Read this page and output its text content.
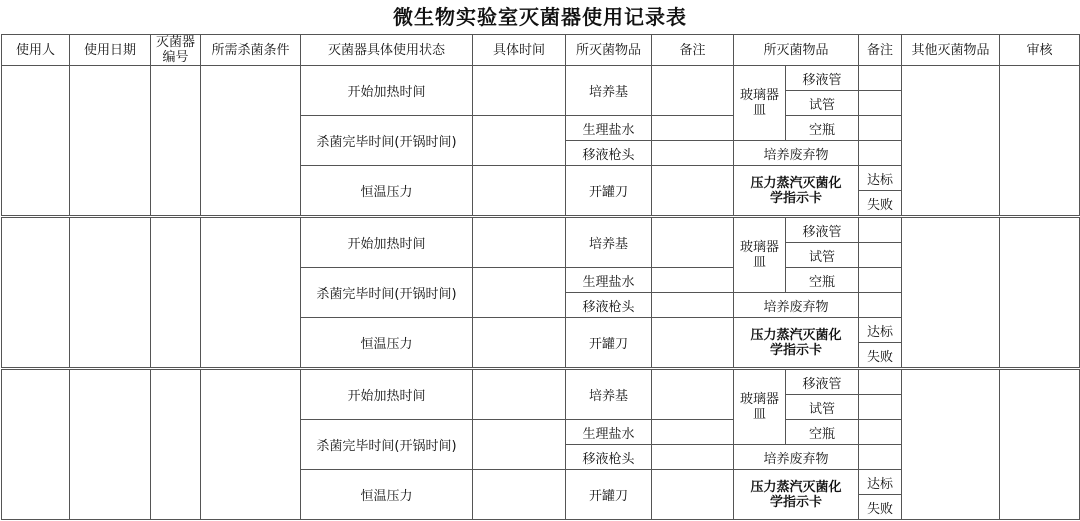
微生物实验室灭菌器使用记录表
使用人	使用日期	灭菌器编号	所需杀菌条件	灭菌器具体使用状态	具体时间	所灭菌物品	备注	所灭菌物品		备注	其他灭菌物品	审核
				开始加热时间		培养基		玻璃器皿	移液管			
									试管			
				杀菌完毕时间(开锅时间)		生理盐水			空瓶			
						移液枪头		培养废弃物				
				恒温压力		开罐刀		压力蒸汽灭菌化学指示卡		达标		
										失败		
				开始加热时间		培养基		玻璃器皿	移液管			
									试管			
				杀菌完毕时间(开锅时间)		生理盐水			空瓶			
						移液枪头		培养废弃物				
				恒温压力		开罐刀		压力蒸汽灭菌化学指示卡		达标		
										失败		
				开始加热时间		培养基		玻璃器皿	移液管			
									试管			
				杀菌完毕时间(开锅时间)		生理盐水			空瓶			
						移液枪头		培养废弃物				
				恒温压力		开罐刀		压力蒸汽灭菌化学指示卡		达标		
										失败		
